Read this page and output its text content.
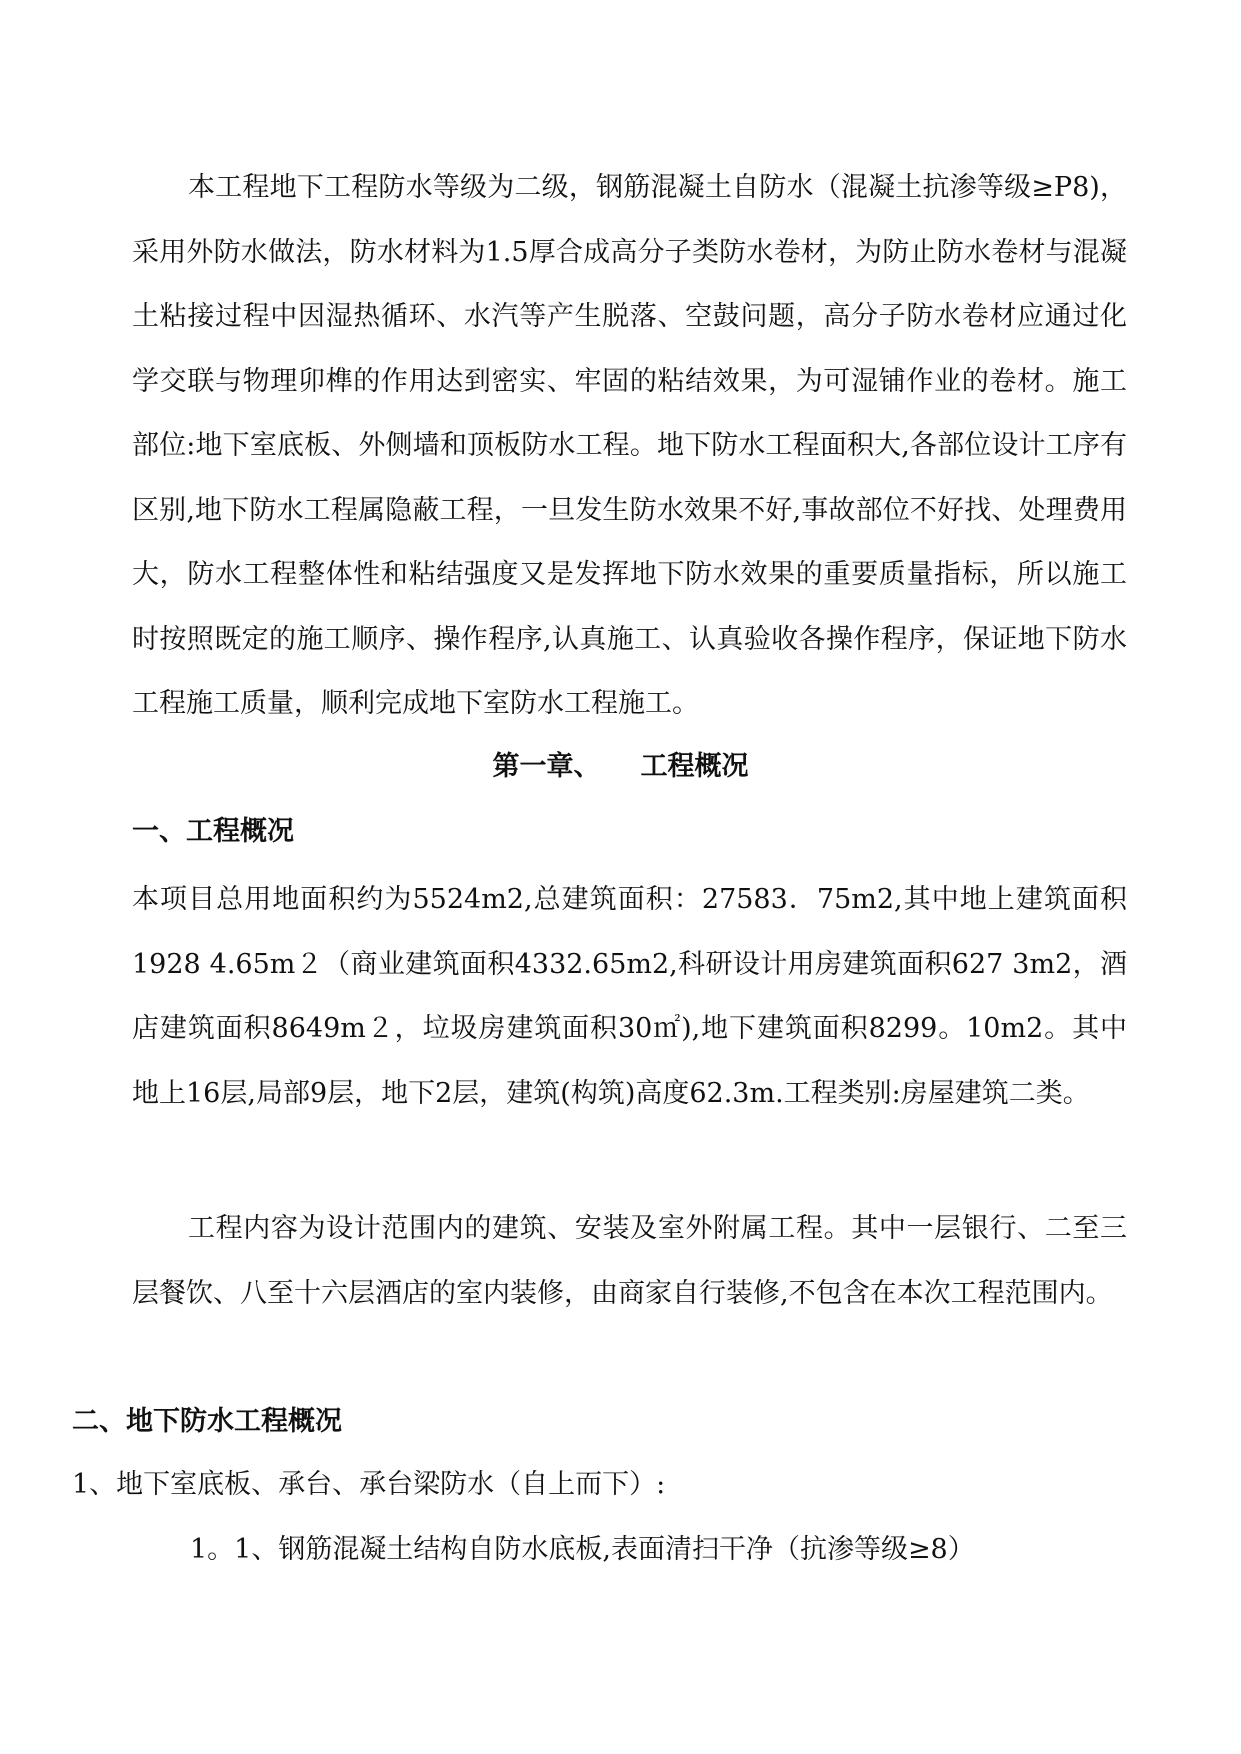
本工程地下工程防水等级为二级，钢筋混凝土自防水（混凝土抗渗等级≥P8)，采用外防水做法，防水材料为1.5厚合成高分子类防水卷材，为防止防水卷材与混凝土粘接过程中因湿热循环、水汽等产生脱落、空鼓问题，高分子防水卷材应通过化学交联与物理卯榫的作用达到密实、牢固的粘结效果，为可湿铺作业的卷材。施工部位:地下室底板、外侧墙和顶板防水工程。地下防水工程面积大,各部位设计工序有区别,地下防水工程属隐蔽工程，一旦发生防水效果不好,事故部位不好找、处理费用大，防水工程整体性和粘结强度又是发挥地下防水效果的重要质量指标，所以施工时按照既定的施工顺序、操作程序,认真施工、认真验收各操作程序，保证地下防水工程施工质量，顺利完成地下室防水工程施工。

第一章、 工程概况
一、工程概况

本项目总用地面积约为5524m2,总建筑面积：27583．75m2,其中地上建筑面积1928 4.65m２（商业建筑面积4332.65m2,科研设计用房建筑面积627 3m2，酒店建筑面积8649m２，垃圾房建筑面积30㎡),地下建筑面积8299。10m2。其中地上16层,局部9层，地下2层，建筑(构筑)高度62.3m.工程类别:房屋建筑二类。

工程内容为设计范围内的建筑、安装及室外附属工程。其中一层银行、二至三层餐饮、八至十六层酒店的室内装修，由商家自行装修,不包含在本次工程范围内。

二、地下防水工程概况

1、地下室底板、承台、承台梁防水（自上而下）:

1。1、钢筋混凝土结构自防水底板,表面清扫干净（抗渗等级≥8）
